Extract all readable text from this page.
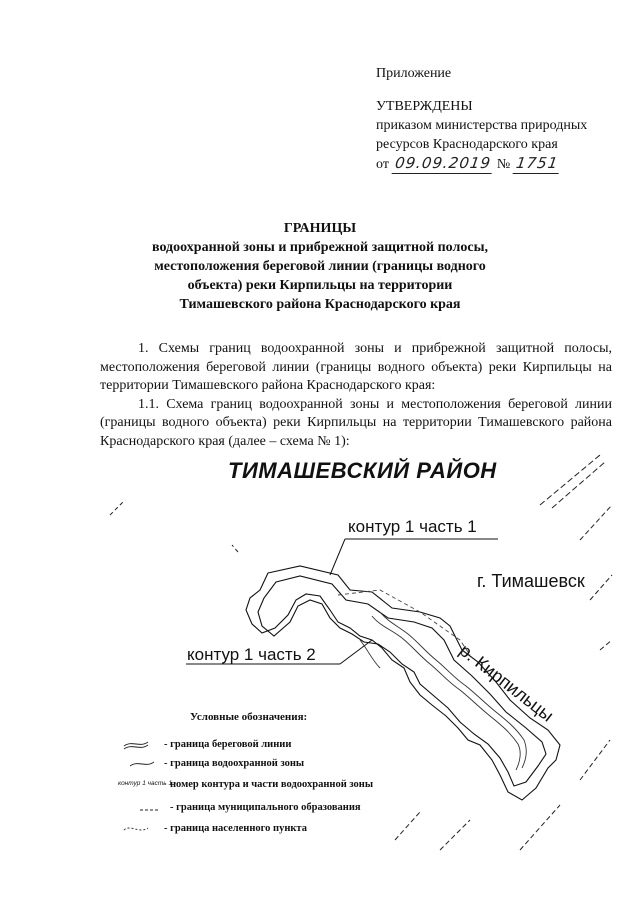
Приложение
УТВЕРЖДЕНЫ
приказом министерства природных
ресурсов Краснодарского края
от 09.09.2019 № 1751
ГРАНИЦЫ
водоохранной зоны и прибрежной защитной полосы,
местоположения береговой линии (границы водного
объекта) реки Кирпильцы на территории
Тимашевского района Краснодарского края

1. Схемы границ водоохранной зоны и прибрежной защитной полосы, местоположения береговой линии (границы водного объекта) реки Кирпильцы на территории Тимашевского района Краснодарского края:

1.1. Схема границ водоохранной зоны и местоположения береговой линии (границы водного объекта) реки Кирпильцы на территории Тимашевского района Краснодарского края (далее – схема № 1):

ТИМАШЕВСКИЙ РАЙОН
контур 1 часть 1
контур 1 часть 2
г. Тимашевск
р. Кирпильцы
Условные обозначения:
- граница береговой линии
- граница водоохранной зоны
контур 1 часть 1 -
номер контура и части водоохранной зоны
- граница муниципального образования
- граница населенного пункта
